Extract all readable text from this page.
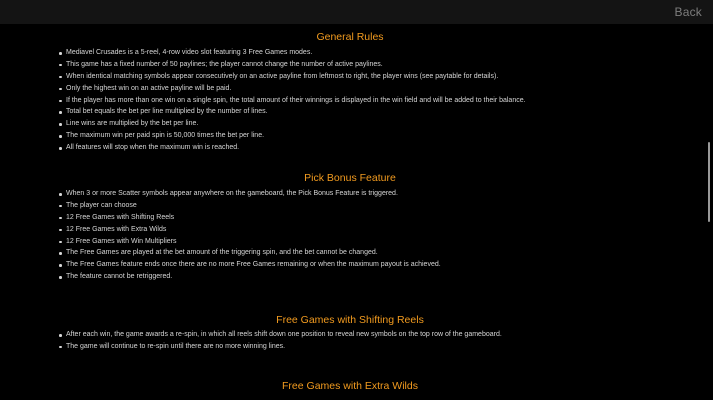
Back
General Rules
Mediavel Crusades is a 5-reel, 4-row video slot featuring 3 Free Games modes.
This game has a fixed number of 50 paylines; the player cannot change the number of active paylines.
When identical matching symbols appear consecutively on an active payline from leftmost to right, the player wins (see paytable for details).
Only the highest win on an active payline will be paid.
If the player has more than one win on a single spin, the total amount of their winnings is displayed in the win field and will be added to their balance.
Total bet equals the bet per line multiplied by the number of lines.
Line wins are multiplied by the bet per line.
The maximum win per paid spin is 50,000 times the bet per line.
All features will stop when the maximum win is reached.
Pick Bonus Feature
When 3 or more Scatter symbols appear anywhere on the gameboard, the Pick Bonus Feature is triggered.
The player can choose
12 Free Games with Shifting Reels
12 Free Games with Extra Wilds
12 Free Games with Win Multipliers
The Free Games are played at the bet amount of the triggering spin, and the bet cannot be changed.
The Free Games feature ends once there are no more Free Games remaining or when the maximum payout is achieved.
The feature cannot be retriggered.
Free Games with Shifting Reels
After each win, the game awards a re-spin, in which all reels shift down one position to reveal new symbols on the top row of the gameboard.
The game will continue to re-spin until there are no more winning lines.
Free Games with Extra Wilds
